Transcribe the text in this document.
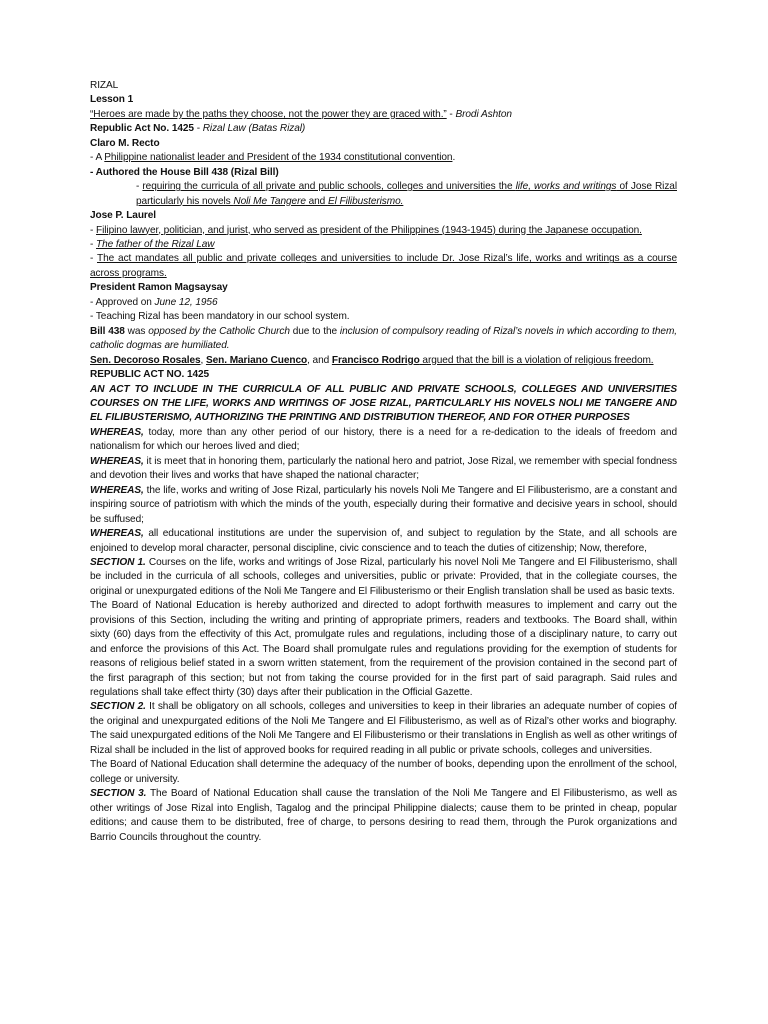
RIZAL

Lesson 1

“Heroes are made by the paths they choose, not the power they are graced with.” - Brodi Ashton

Republic Act No. 1425 - Rizal Law (Batas Rizal)

Claro M. Recto

- A Philippine nationalist leader and President of the 1934 constitutional convention.

- Authored the House Bill 438 (Rizal Bill)

- requiring the curricula of all private and public schools, colleges and universities the life, works and writings of Jose Rizal particularly his novels Noli Me Tangere and El Filibusterismo.

Jose P. Laurel

- Filipino lawyer, politician, and jurist, who served as president of the Philippines (1943-1945) during the Japanese occupation.

- The father of the Rizal Law

- The act mandates all public and private colleges and universities to include Dr. Jose Rizal’s life, works and writings as a course across programs.

President Ramon Magsaysay

- Approved on June 12, 1956

- Teaching Rizal has been mandatory in our school system.

Bill 438 was opposed by the Catholic Church due to the inclusion of compulsory reading of Rizal’s novels in which according to them, catholic dogmas are humiliated.

Sen. Decoroso Rosales, Sen. Mariano Cuenco, and Francisco Rodrigo argued that the bill is a violation of religious freedom.

REPUBLIC ACT NO. 1425

AN ACT TO INCLUDE IN THE CURRICULA OF ALL PUBLIC AND PRIVATE SCHOOLS, COLLEGES AND UNIVERSITIES COURSES ON THE LIFE, WORKS AND WRITINGS OF JOSE RIZAL, PARTICULARLY HIS NOVELS NOLI ME TANGERE AND EL FILIBUSTERISMO, AUTHORIZING THE PRINTING AND DISTRIBUTION THEREOF, AND FOR OTHER PURPOSES

WHEREAS, today, more than any other period of our history, there is a need for a re-dedication to the ideals of freedom and nationalism for which our heroes lived and died;

WHEREAS, it is meet that in honoring them, particularly the national hero and patriot, Jose Rizal, we remember with special fondness and devotion their lives and works that have shaped the national character;

WHEREAS, the life, works and writing of Jose Rizal, particularly his novels Noli Me Tangere and El Filibusterismo, are a constant and inspiring source of patriotism with which the minds of the youth, especially during their formative and decisive years in school, should be suffused;

WHEREAS, all educational institutions are under the supervision of, and subject to regulation by the State, and all schools are enjoined to develop moral character, personal discipline, civic conscience and to teach the duties of citizenship; Now, therefore,

SECTION 1. Courses on the life, works and writings of Jose Rizal, particularly his novel Noli Me Tangere and El Filibusterismo, shall be included in the curricula of all schools, colleges and universities, public or private: Provided, that in the collegiate courses, the original or unexpurgated editions of the Noli Me Tangere and El Filibusterismo or their English translation shall be used as basic texts.

The Board of National Education is hereby authorized and directed to adopt forthwith measures to implement and carry out the provisions of this Section, including the writing and printing of appropriate primers, readers and textbooks. The Board shall, within sixty (60) days from the effectivity of this Act, promulgate rules and regulations, including those of a disciplinary nature, to carry out and enforce the provisions of this Act. The Board shall promulgate rules and regulations providing for the exemption of students for reasons of religious belief stated in a sworn written statement, from the requirement of the provision contained in the second part of the first paragraph of this section; but not from taking the course provided for in the first part of said paragraph. Said rules and regulations shall take effect thirty (30) days after their publication in the Official Gazette.

SECTION 2. It shall be obligatory on all schools, colleges and universities to keep in their libraries an adequate number of copies of the original and unexpurgated editions of the Noli Me Tangere and El Filibusterismo, as well as of Rizal’s other works and biography. The said unexpurgated editions of the Noli Me Tangere and El Filibusterismo or their translations in English as well as other writings of Rizal shall be included in the list of approved books for required reading in all public or private schools, colleges and universities.

The Board of National Education shall determine the adequacy of the number of books, depending upon the enrollment of the school, college or university.

SECTION 3. The Board of National Education shall cause the translation of the Noli Me Tangere and El Filibusterismo, as well as other writings of Jose Rizal into English, Tagalog and the principal Philippine dialects; cause them to be printed in cheap, popular editions; and cause them to be distributed, free of charge, to persons desiring to read them, through the Purok organizations and Barrio Councils throughout the country.
